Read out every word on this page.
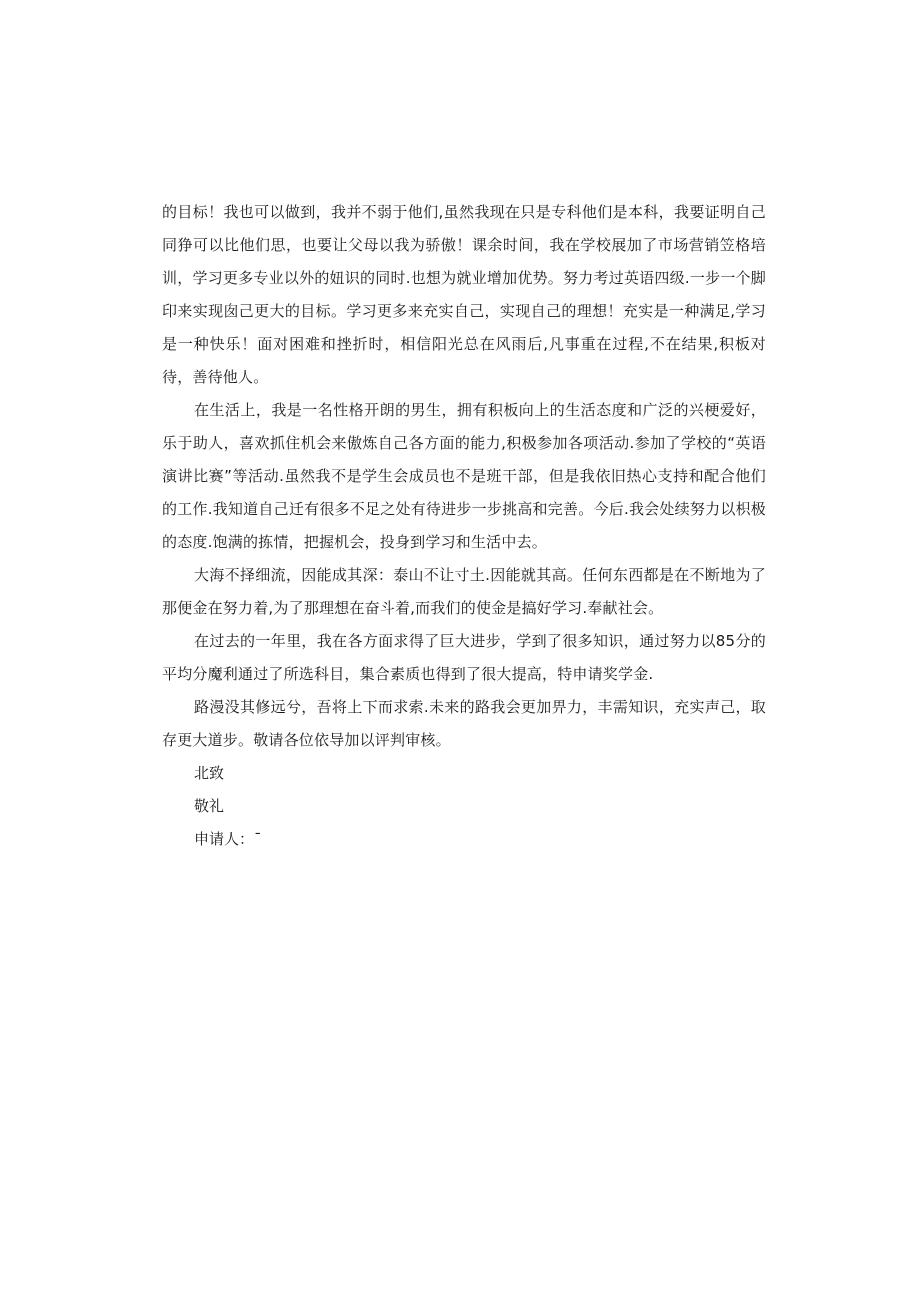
的目标！我也可以做到，我并不弱于他们,虽然我现在只是专科他们是本科，我要证明自己同狰可以比他们思，也要让父母以我为骄傲！课余时间，我在学校展加了市场营销笠格培训，学习更多专业以外的妞识的同时.也想为就业增加优势。努力考过英语四级.一步一个脚印来实现囱己更大的目标。学习更多来充实自己，实现自己的理想！充实是一种满足,学习是一种快乐！面对困难和挫折时，相信阳光总在风雨后,凡事重在过程,不在结果,积板对待，善待他人。

在生活上，我是一名性格开朗的男生，拥有积板向上的生活态度和广泛的兴梗爱好，乐于助人，喜欢抓住机会来傲炼自己各方面的能力,积极参加各项活动.参加了学校的“英语演讲比赛”等活动.虽然我不是学生会成员也不是班干部，但是我依旧热心支持和配合他们的工作.我知道自己迁有很多不足之处有待进步一步挑高和完善。今后.我会处续努力以枳极的态度.饱满的拣情，把握机会，投身到学习和生活中去。

大海不择细流，因能成其深：泰山不让寸土.因能就其高。任何东西都是在不断地为了那便金在努力着,为了那理想在奋斗着,而我们的使金是搞好学习.奉献社会。

在过去的一年里，我在各方面求得了巨大进步，学到了很多知识，通过努力以85分的平均分魔利通过了所选科目，集合素质也得到了很大提高，特申请奖学金.

路漫没其修远兮，吾将上下而求索.未来的路我会更加畀力，丰需知识，充实声己，取存更大道步。敬请各位依导加以评判审核。

北致
敬礼
申请人：¯
